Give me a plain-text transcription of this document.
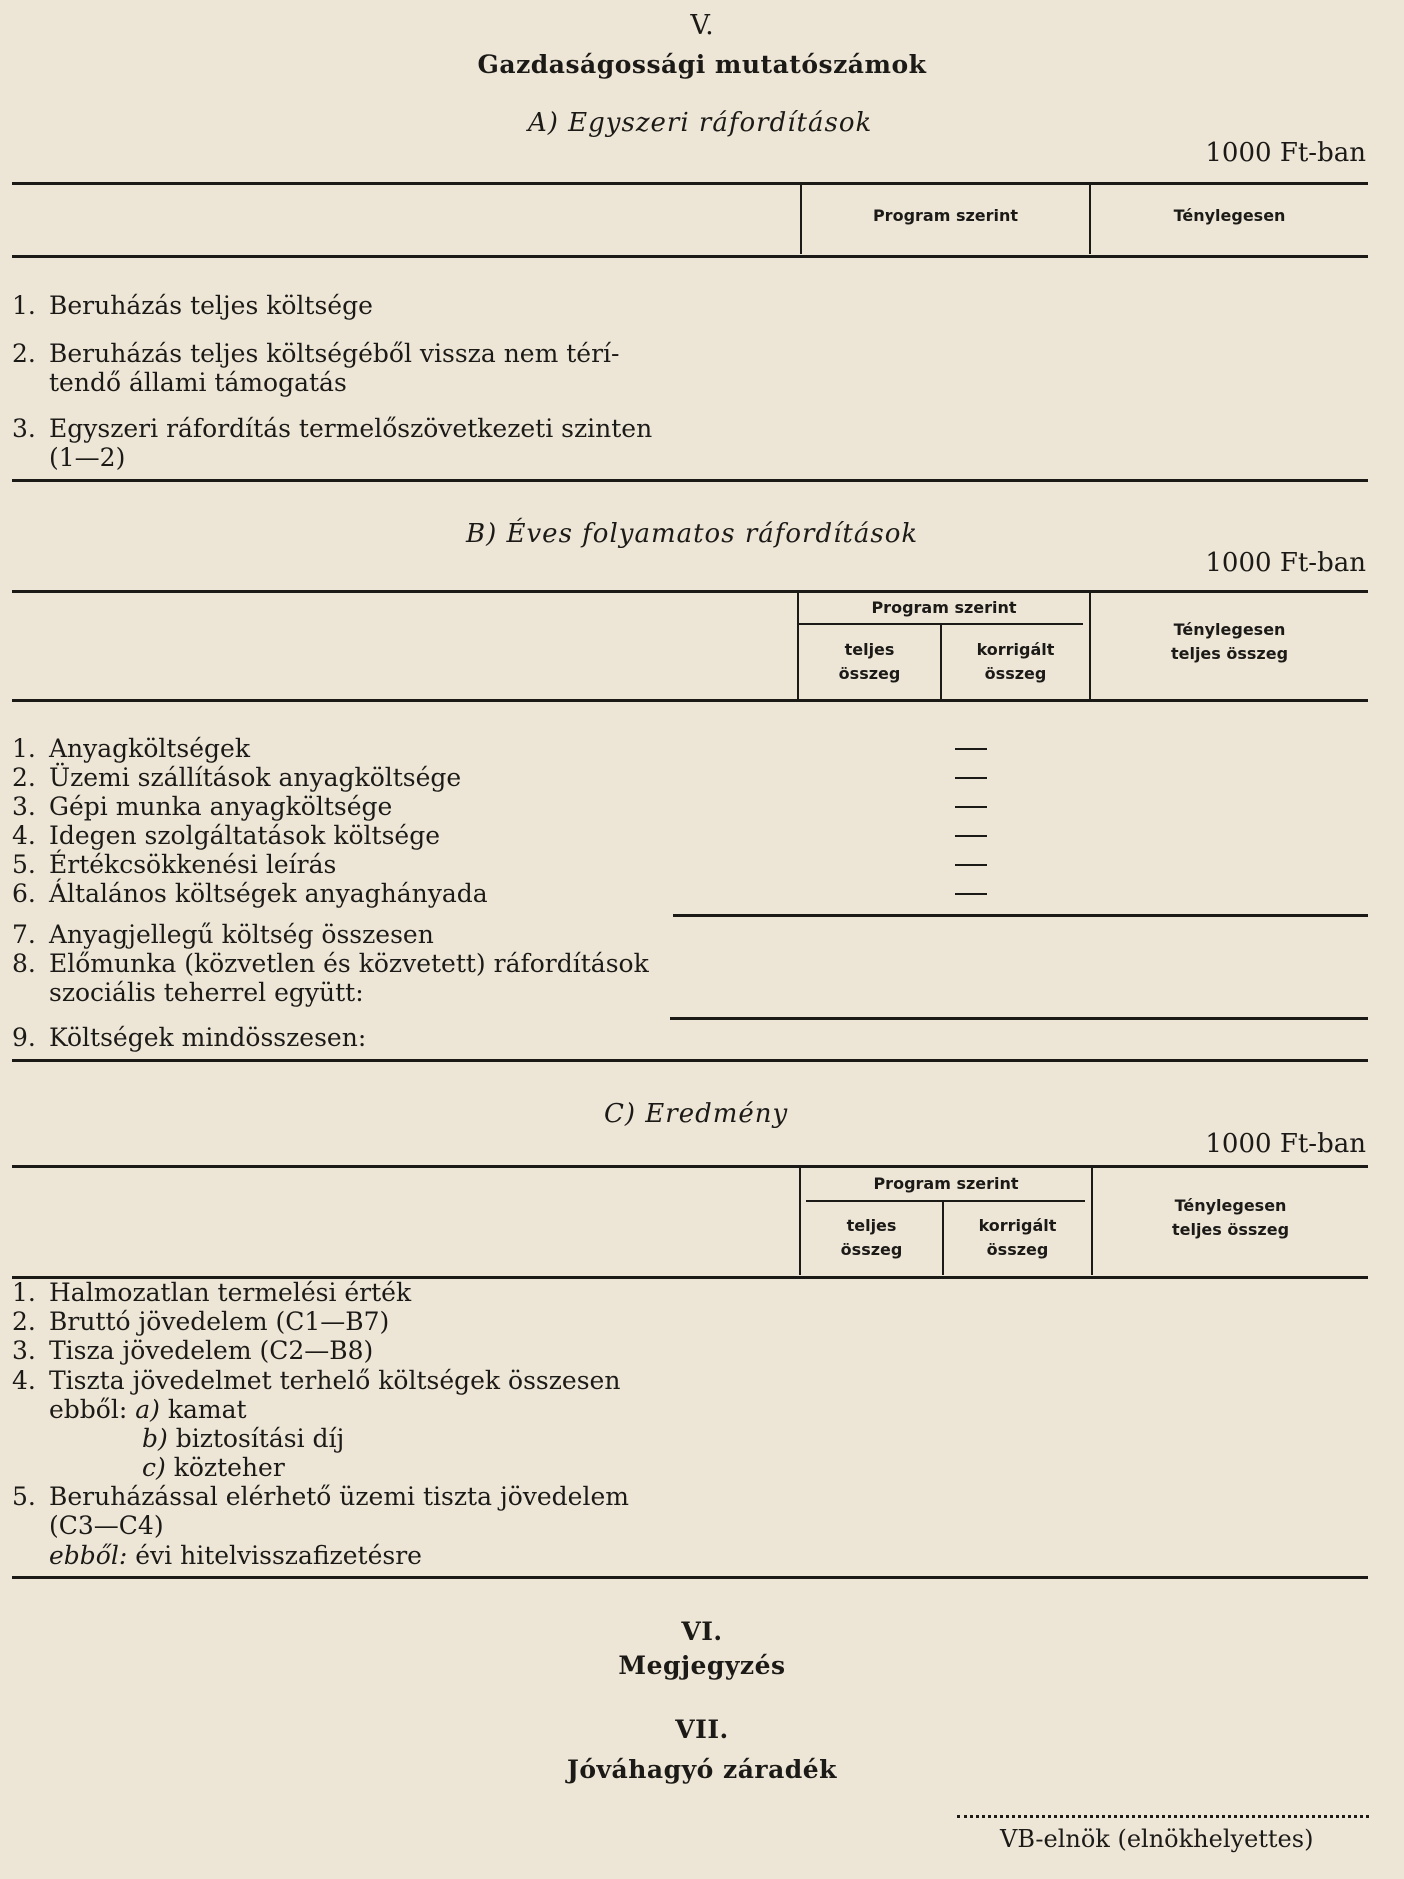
V.
Gazdaságossági mutatószámok
A) Egyszeri ráfordítások
1000 Ft-ban
Program szerint	Ténylegesen
1. Beruházás teljes költsége
2. Beruházás teljes költségéből vissza nem térí-
tendő állami támogatás
3. Egyszeri ráfordítás termelőszövetkezeti szinten
(1—2)
B) Éves folyamatos ráfordítások
1000 Ft-ban
Program szerint
teljes
összeg
korrigált
összeg
Ténylegesen
teljes összeg
1. Anyagköltségek
2. Üzemi szállítások anyagköltsége
3. Gépi munka anyagköltsége
4. Idegen szolgáltatások költsége
5. Értékcsökkenési leírás
6. Általános költségek anyaghányada
7. Anyagjellegű költség összesen
8. Előmunka (közvetlen és közvetett) ráfordítások
szociális teherrel együtt:
9. Költségek mindösszesen:
C) Eredmény
1000 Ft-ban
Program szerint
teljes
összeg
korrigált
összeg
Ténylegesen
teljes összeg
1. Halmozatlan termelési érték
2. Bruttó jövedelem (C1—B7)
3. Tisza jövedelem (C2—B8)
4. Tiszta jövedelmet terhelő költségek összesen
ebből: a) kamat
b) biztosítási díj
c) közteher
5. Beruházással elérhető üzemi tiszta jövedelem
(C3—C4)
ebből: évi hitelvisszafizetésre
VI.
Megjegyzés
VII.
Jóváhagyó záradék
VB-elnök (elnökhelyettes)
